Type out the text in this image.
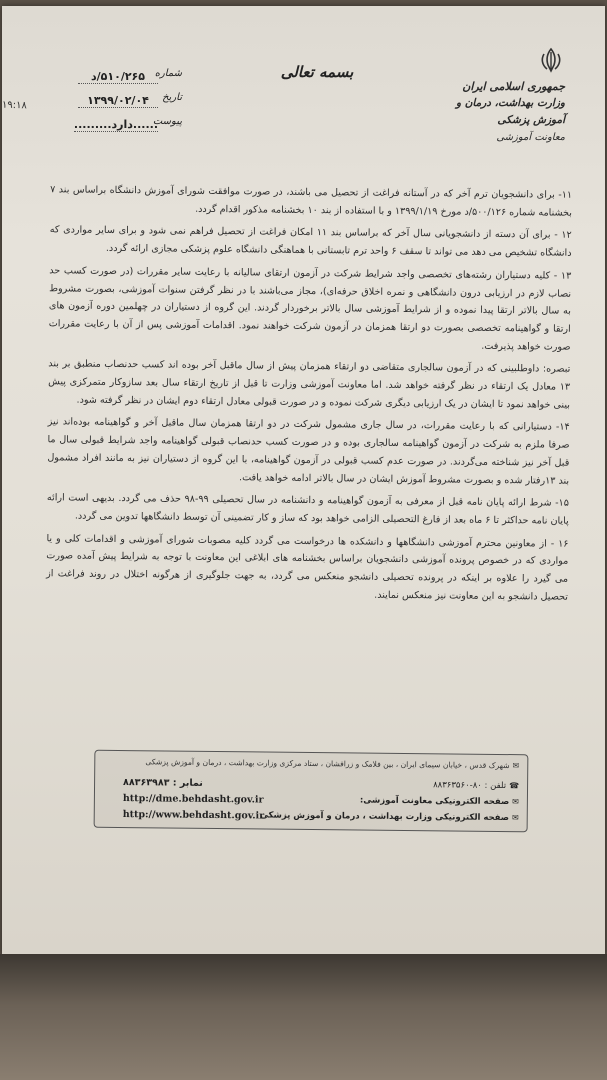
جمهوری اسلامی ایران
وزارت بهداشت، درمان و آموزش پزشکی
معاونت آموزشی
بسمه تعالی
شماره
۵۱۰/۲۶۵/د
تاریخ
۱۳۹۹/۰۲/۰۴
پیوست
......دارد.........
۱۹:۱۸

۱۱- برای دانشجویان ترم آخر که در آستانه فراغت از تحصیل می باشند، در صورت موافقت شورای آموزش دانشگاه براساس بند ۷ بخشنامه شماره ۵۰۰/۱۲۶/د مورخ ۱۳۹۹/۱/۱۹ و با استفاده از بند ۱۰ بخشنامه مذکور اقدام گردد.

۱۲ - برای آن دسته از دانشجویانی سال آخر که براساس بند ۱۱ امکان فراغت از تحصیل فراهم نمی شود و برای سایر مواردی که دانشگاه تشخیص می دهد می تواند تا سقف ۶ واحد ترم تابستانی با هماهنگی دانشگاه علوم پزشکی مجازی ارائه گردد.

۱۳ - کلیه دستیاران رشته‌های تخصصی واجد شرایط شرکت در آزمون ارتقای سالیانه با رعایت سایر مقررات (در صورت کسب حد نصاب لازم در ارزیابی درون دانشگاهی و نمره اخلاق حرفه‌ای)، مجاز می‌باشند با در نظر گرفتن سنوات آموزشی، بصورت مشروط به سال بالاتر ارتقا پیدا نموده و از شرایط آموزشی سال بالاتر برخوردار گردند. این گروه از دستیاران در چهلمین دوره آزمون های ارتقا و گواهینامه تخصصی بصورت دو ارتقا همزمان در آزمون شرکت خواهند نمود. اقدامات آموزشی پس از آن با رعایت مقررات صورت خواهد پذیرفت.

تبصره: داوطلبینی که در آزمون سالجاری متقاضی دو ارتقاء همزمان پیش از سال ماقبل آخر بوده اند کسب حدنصاب منطبق بر بند ۱۳ معادل یک ارتقاء در نظر گرفته خواهد شد. اما معاونت آموزشی وزارت تا قبل از تاریخ ارتقاء سال بعد سازوکار متمرکزی پیش بینی خواهد نمود تا ایشان در یک ارزیابی دیگری شرکت نموده و در صورت قبولی معادل ارتقاء دوم ایشان در نظر گرفته شود.

۱۴- دستیارانی که با رعایت مقررات، در سال جاری مشمول شرکت در دو ارتقا همزمان سال ماقبل آخر و گواهینامه بوده‌اند نیز صرفا ملزم به شرکت در آزمون گواهینامه سالجاری بوده و در صورت کسب حدنصاب قبولی گواهینامه واجد شرایط قبولی سال ما قبل آخر نیز شناخته می‌گردند. در صورت عدم کسب قبولی در آزمون گواهینامه، با این گروه از دستیاران نیز به مانند افراد مشمول بند ۱۳رفتار شده و بصورت مشروط آموزش ایشان در سال بالاتر ادامه خواهد یافت.

۱۵- شرط ارائه پایان نامه قبل از معرفی به آزمون گواهینامه و دانشنامه در سال تحصیلی ۹۹-۹۸ حذف می گردد. بدیهی است ارائه پایان نامه حداکثر تا ۶ ماه بعد از فارغ التحصیلی الزامی خواهد بود که ساز و کار تضمینی آن توسط دانشگاهها تدوین می گردد.

۱۶ - از معاونین محترم آموزشی دانشگاهها و دانشکده ها درخواست می گردد کلیه مصوبات شورای آموزشی و اقدامات کلی و یا مواردی که در خصوص پرونده آموزشی دانشجویان براساس بخشنامه های ابلاغی این معاونت با توجه به شرایط پیش آمده صورت می گیرد را علاوه بر اینکه در پرونده تحصیلی دانشجو منعکس می گردد، به جهت جلوگیری از هرگونه اختلال در روند فراغت از تحصیل دانشجو به این معاونت نیز منعکس نمایند.

✉شهرک قدس ، خیابان سیمای ایران ، بین فلامک و زرافشان ، ستاد مرکزی وزارت بهداشت ، درمان و آموزش پزشکی
☎تلفن : ۸۰-۸۸۳۶۳۵۶۰
نمابر : ۸۸۳۶۳۹۸۳
✉صفحه الکترونیکی معاونت آموزشی:
http://dme.behdasht.gov.ir
✉صفحه الکترونیکی وزارت بهداشت ، درمان و آموزش پزشکی
http://www.behdasht.gov.ir
